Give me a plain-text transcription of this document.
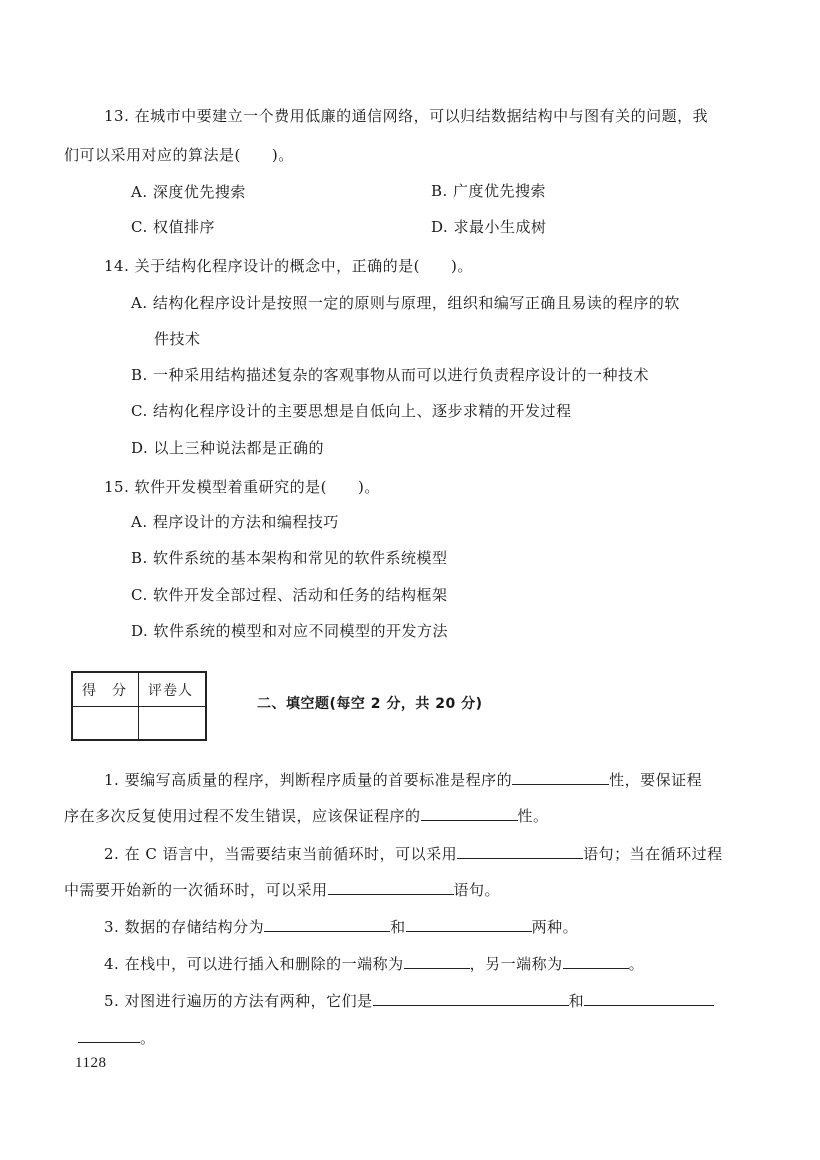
13. 在城市中要建立一个费用低廉的通信网络，可以归结数据结构中与图有关的问题，我
们可以采用对应的算法是(　　)。
A. 深度优先搜索	B. 广度优先搜索
C. 权值排序	D. 求最小生成树
14. 关于结构化程序设计的概念中，正确的是(　　)。
A. 结构化程序设计是按照一定的原则与原理，组织和编写正确且易读的程序的软
件技术
B. 一种采用结构描述复杂的客观事物从而可以进行负责程序设计的一种技术
C. 结构化程序设计的主要思想是自低向上、逐步求精的开发过程
D. 以上三种说法都是正确的
15. 软件开发模型着重研究的是(　　)。
A. 程序设计的方法和编程技巧
B. 软件系统的基本架构和常见的软件系统模型
C. 软件开发全部过程、活动和任务的结构框架
D. 软件系统的模型和对应不同模型的开发方法
得　分 评卷人
二、填空题(每空 2 分，共 20 分)
1. 要编写高质量的程序，判断程序质量的首要标准是程序的	性，要保证程
序在多次反复使用过程不发生错误，应该保证程序的	性。
2. 在 C 语言中，当需要结束当前循环时，可以采用	语句；当在循环过程
中需要开始新的一次循环时，可以采用	语句。
3. 数据的存储结构分为	和	两种。
4. 在栈中，可以进行插入和删除的一端称为	，另一端称为	。
5. 对图进行遍历的方法有两种，它们是	和
。
1128
